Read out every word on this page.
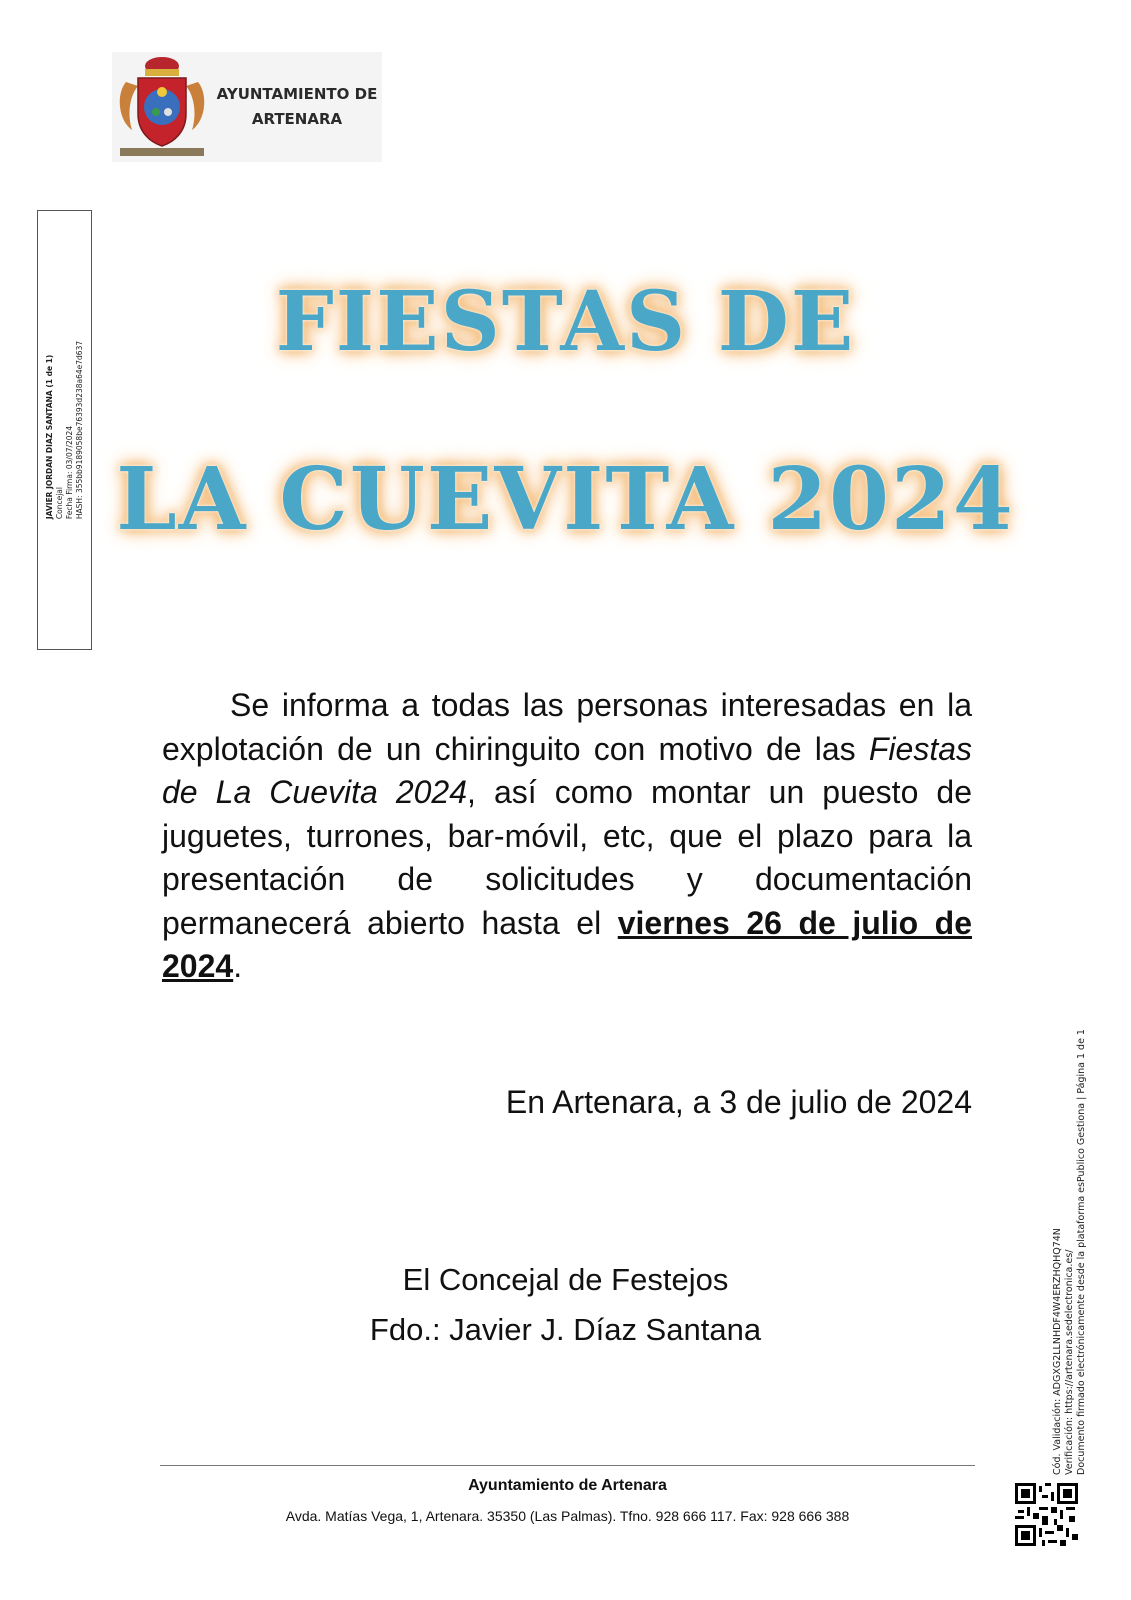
AYUNTAMIENTO DE
ARTENARA
JAVIER JORDAN DIAZ SANTANA (1 de 1) Concejal Fecha Firma: 03/07/2024 HASH: 355bb9189058be76393d238a64e7d637
FIESTAS DE
LA CUEVITA 2024

Se informa a todas las personas interesadas en la explotación de un chiringuito con motivo de las Fiestas de La Cuevita 2024, así como montar un puesto de juguetes, turrones, bar-móvil, etc, que el plazo para la presentación de solicitudes y documentación permanecerá abierto hasta el viernes 26 de julio de 2024.

En Artenara, a 3 de julio de 2024

El Concejal de Festejos

Fdo.: Javier J. Díaz Santana

Ayuntamiento de Artenara

Avda. Matías Vega, 1, Artenara. 35350 (Las Palmas). Tfno. 928 666 117. Fax: 928 666 388

Cód. Validación: ADGXG2LLNHDF4W4ERZHQHQ74N Verificación: https://artenara.sedelectronica.es/ Documento firmado electrónicamente desde la plataforma esPublico Gestiona | Página 1 de 1
